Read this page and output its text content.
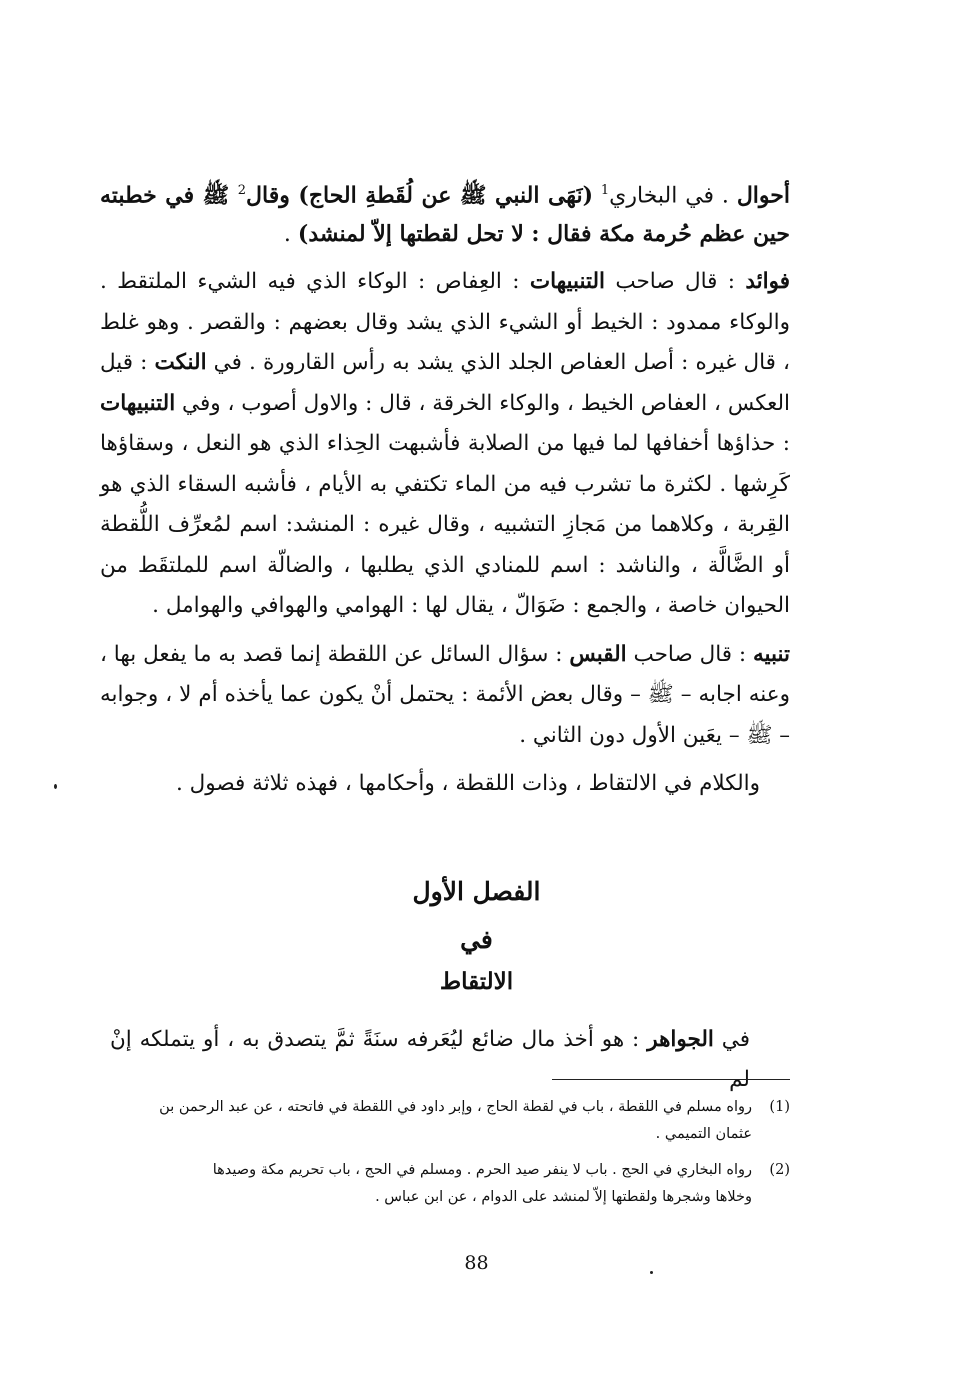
أحوال . في البخاري$^1$ (نَهَى النبي ﷺ عن لُقَطةِ الحاج) وقال$^2$ ﷺ في خطبته حين عظم حُرمة مكة فقال : لا تحل لقطتها إلاّ لمنشد) .

فوائد : قال صاحب التنبيهات : العِفاص : الوكاء الذي فيه الشيء الملتقط . والوكاء ممدود : الخيط أو الشيء الذي يشد وقال بعضهم : والقصر . وهو غلط ، قال غيره : أصل العفاص الجلد الذي يشد به رأس القارورة . في النكت : قيل العكس ، العفاص الخيط ، والوكاء الخرقة ، قال : والاول أصوب ، وفي التنبيهات : حذاؤها أخفافها لما فيها من الصلابة فأشبهت الحِذاء الذي هو النعل ، وسقاؤها كَرِشها . لكثرة ما تشرب فيه من الماء تكتفي به الأيام ، فأشبه السقاء الذي هو القِربة ، وكلاهما من مَجازِ التشبيه ، وقال غيره : المنشد: اسم لمُعرِّف اللُّقطة أو الضَّالَّة ، والناشد : اسم للمنادي الذي يطلبها ، والضالّة اسم للملتقَط من الحيوان خاصة ، والجمع : ضَوَالّ ، يقال لها : الهوامي والهوافي والهوامل .

تنبيه : قال صاحب القبس : سؤال السائل عن اللقطة إنما قصد به ما يفعل بها ، وعنه اجابه – ﷺ – وقال بعض الأئمة : يحتمل أنْ يكون عما يأخذه أم لا ، وجوابه – ﷺ – يعَين الأول دون الثاني .

والكلام في الالتقاط ، وذات اللقطة ، وأحكامها ، فهذه ثلاثة فصول .

الفصل الأول
في
الالتقاط

في الجواهر : هو أخذ مال ضائع ليُعَرفه سنَةً ثمَّ يتصدق به ، أو يتملكه إنْ لم

(1)رواه مسلم في اللقطة ، باب في لقطة الحاج ، وإبر داود في اللقطة في فاتحته ، عن عبد الرحمن بن
عثمان التميمي .
(2)رواه البخاري في الحج . باب لا ينفر صيد الحرم . ومسلم في الحج ، باب تحريم مكة وصيدها
وخلاها وشجرها ولقطتها إلاّ لمنشد على الدوام ، عن ابن عباس .
88
